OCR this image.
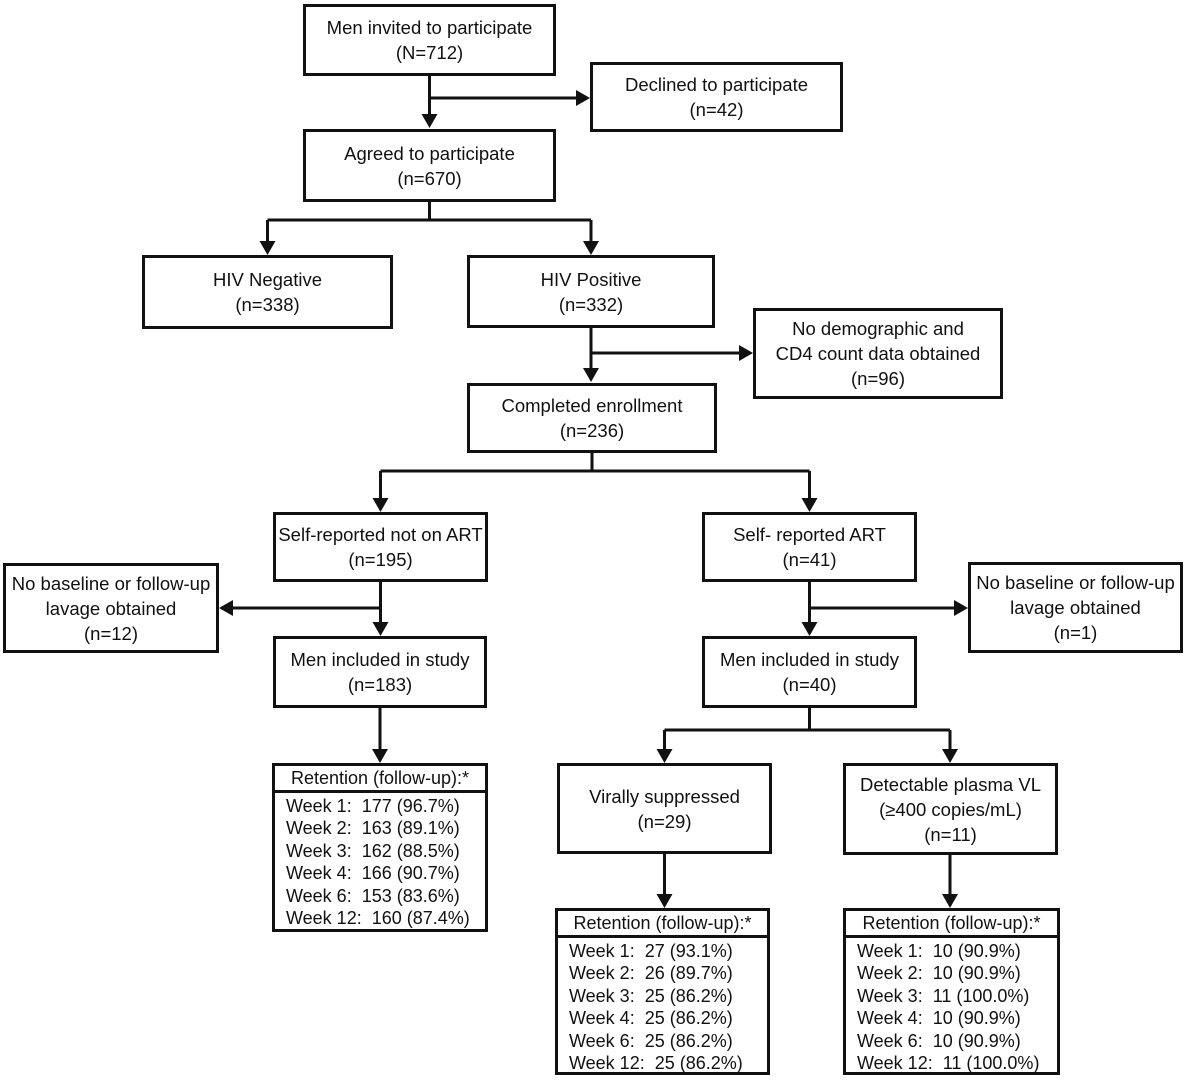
Men invited to participate
(N=712)
Declined to participate
(n=42)
Agreed to participate
(n=670)
HIV Negative
(n=338)
HIV Positive
(n=332)
No demographic and
CD4 count data obtained
(n=96)
Completed enrollment
(n=236)
Self-reported not on ART
(n=195)
Self- reported ART
(n=41)
No baseline or follow-up
lavage obtained
(n=12)
No baseline or follow-up
lavage obtained
(n=1)
Men included in study
(n=183)
Men included in study
(n=40)
Virally suppressed
(n=29)
Detectable plasma VL
(≥400 copies/mL)
(n=11)
Retention (follow-up):*
Week 1:  177 (96.7%)
Week 2:  163 (89.1%)
Week 3:  162 (88.5%)
Week 4:  166 (90.7%)
Week 6:  153 (83.6%)
Week 12:  160 (87.4%)	Retention (follow-up):*
Week 1:  27 (93.1%)
Week 2:  26 (89.7%)
Week 3:  25 (86.2%)
Week 4:  25 (86.2%)
Week 6:  25 (86.2%)
Week 12:  25 (86.2%)
Retention (follow-up):*
Week 1:  10 (90.9%)
Week 2:  10 (90.9%)
Week 3:  11 (100.0%)
Week 4:  10 (90.9%)
Week 6:  10 (90.9%)
Week 12:  11 (100.0%)
